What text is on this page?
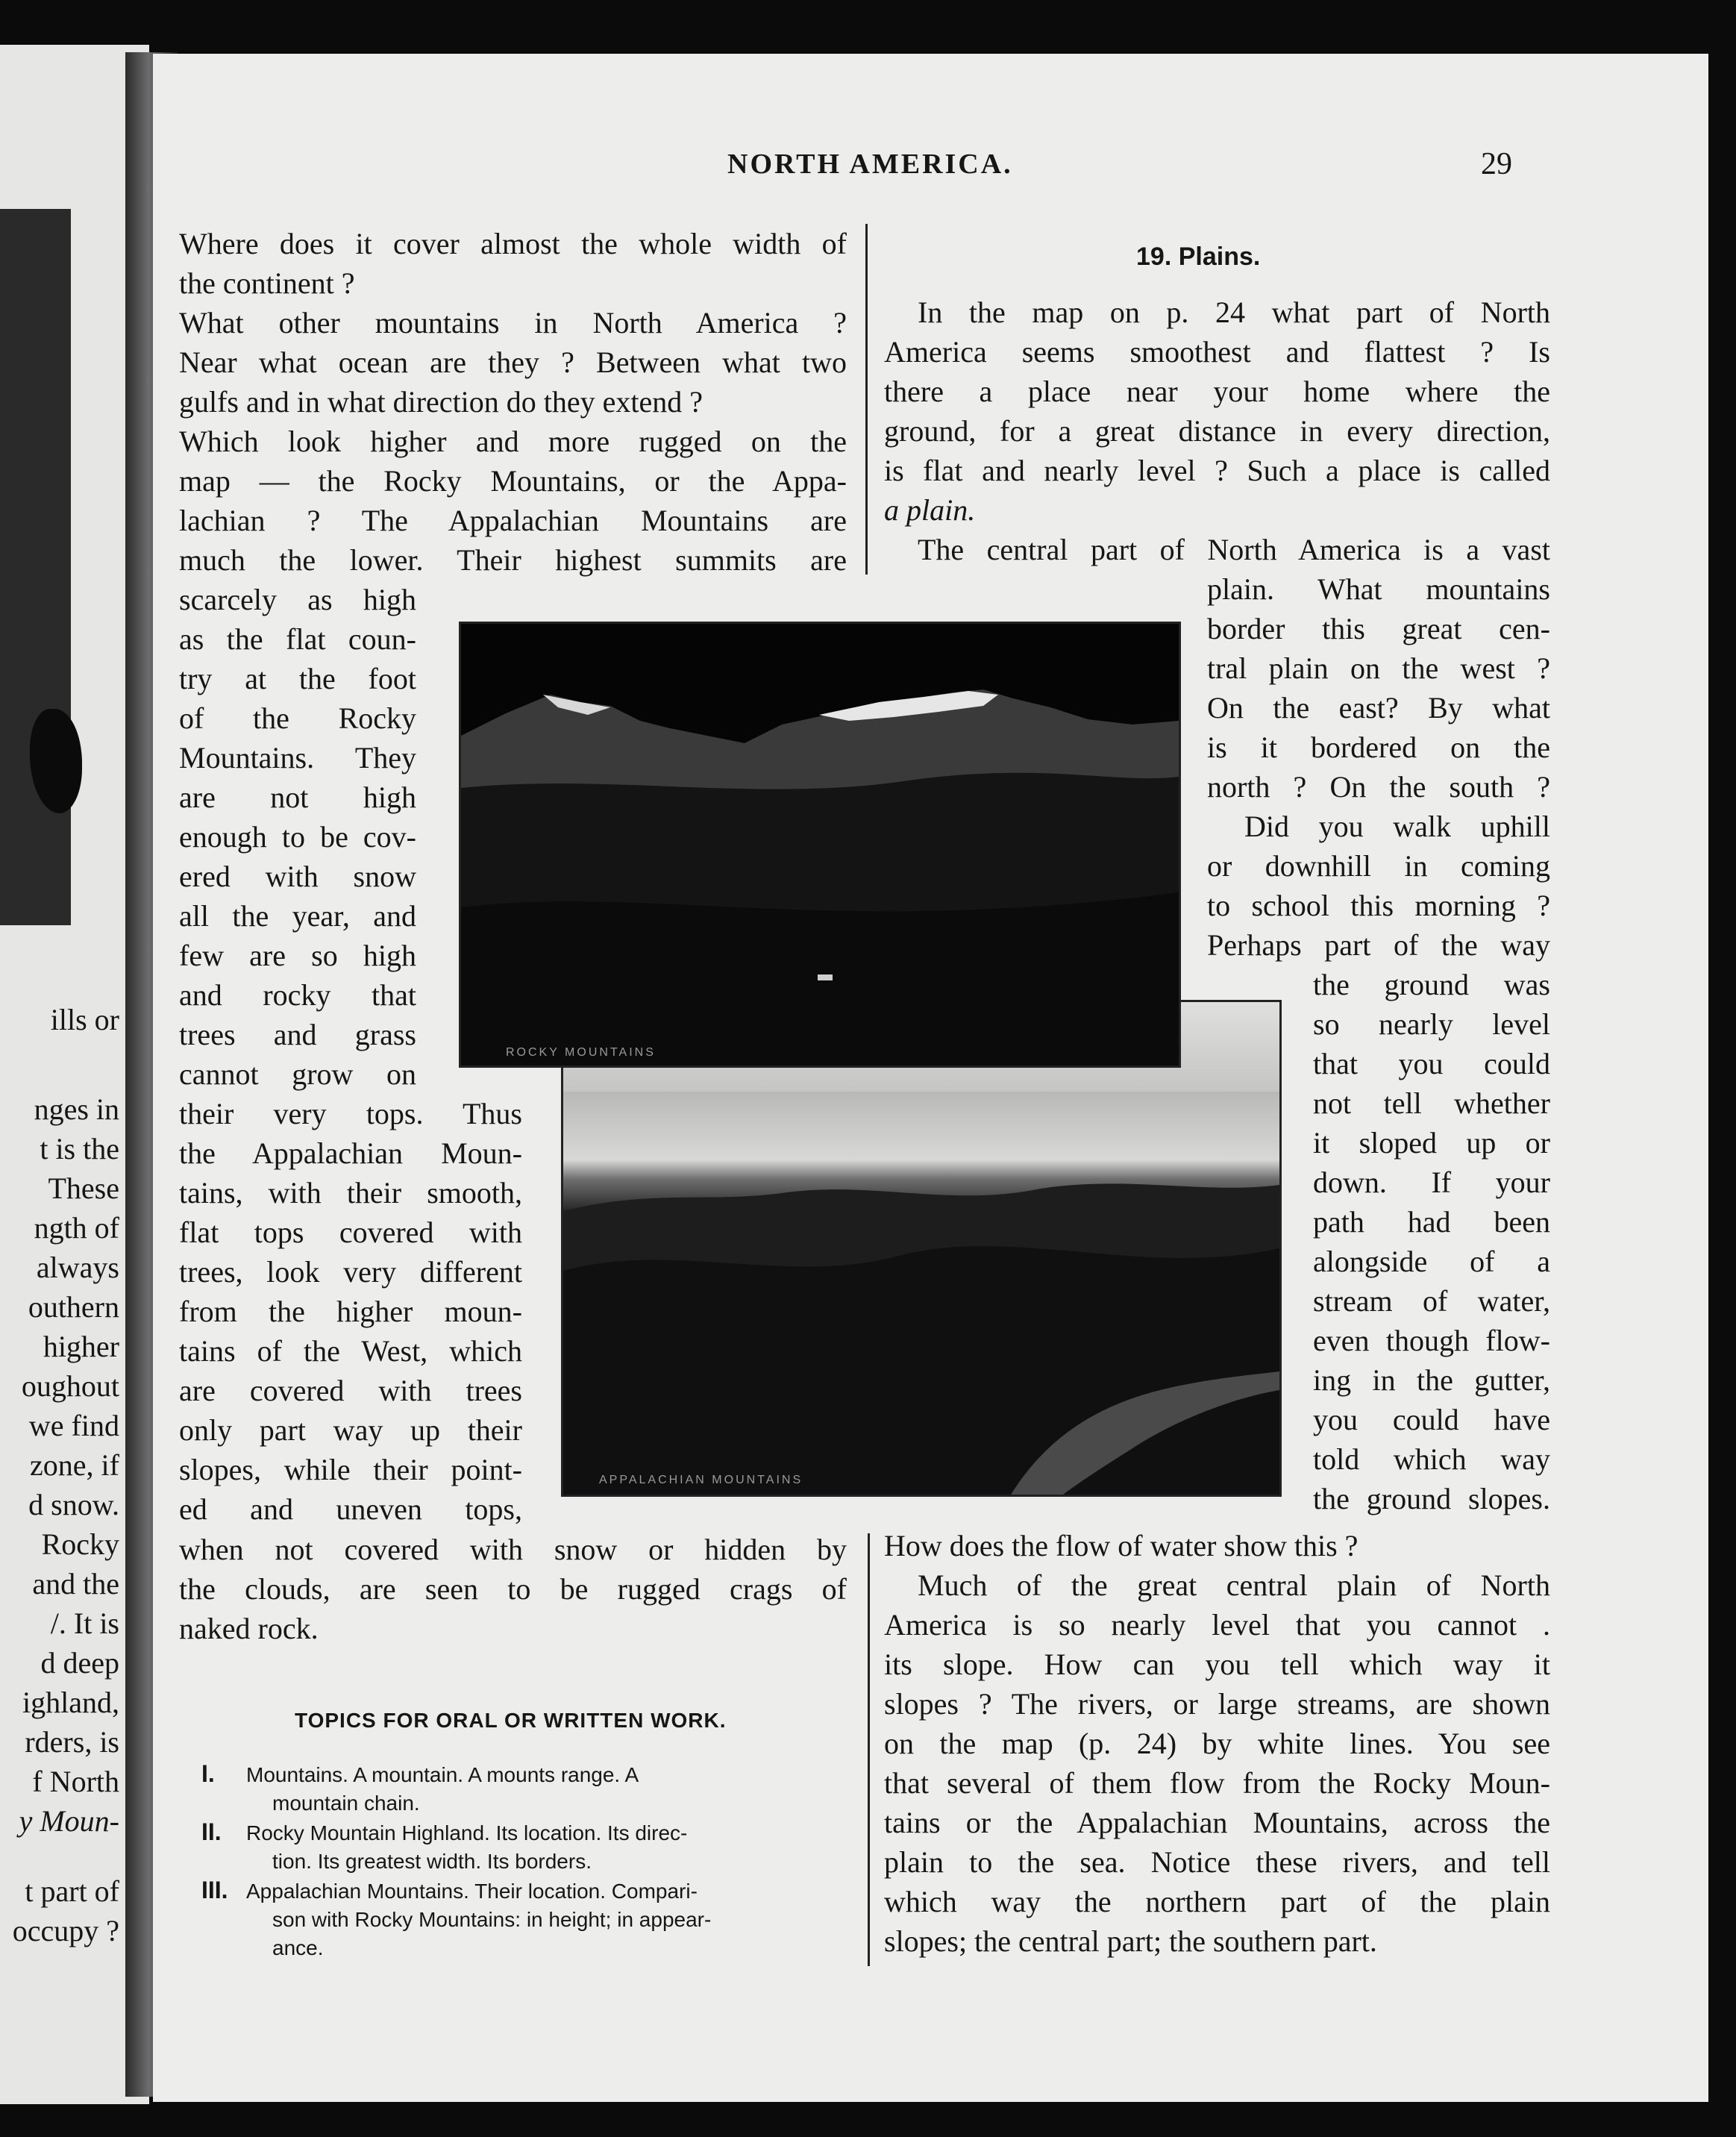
ills or
nges in
t is the
These
ngth of
always
outhern
higher
oughout
we find
zone, if
d snow.
Rocky
and the
/. It is
d deep
ighland,
rders, is
f North
y Moun-
t part of
occupy ?
NORTH AMERICA.	29
Where does it cover almost the whole width of
the continent ?
What other mountains in North America ?
Near what ocean are they ? Between what two
gulfs and in what direction do they extend ?
Which look higher and more rugged on the
map — the Rocky Mountains, or the Appa-
lachian ? The Appalachian Mountains are
much the lower. Their highest summits are
scarcely as high
as the flat coun-
try at the foot
of the Rocky
Mountains. They
are not high
enough to be cov-
ered with snow
all the year, and
few are so high
and rocky that
trees and grass
cannot grow on
their very tops. Thus
the Appalachian Moun-
tains, with their smooth,
flat tops covered with
trees, look very different
from the higher moun-
tains of the West, which
are covered with trees
only part way up their
slopes, while their point-
ed and uneven tops,
when not covered with snow or hidden by
the clouds, are seen to be rugged crags of
naked rock.
19. Plains.
In the map on p. 24 what part of North
America seems smoothest and flattest ? Is
there a place near your home where the
ground, for a great distance in every direction,
is flat and nearly level ? Such a place is called
a plain.
The central part of North America is a vast
plain. What mountains
border this great cen-
tral plain on the west ?
On the east? By what
is it bordered on the
north ? On the south ?
Did you walk uphill
or downhill in coming
to school this morning ?
Perhaps part of the way
the ground was
so nearly level
that you could
not tell whether
it sloped up or
down. If your
path had been
alongside of a
stream of water,
even though flow-
ing in the gutter,
you could have
told which way
the ground slopes.
How does the flow of water show this ?
Much of the great central plain of North
America is so nearly level that you cannot .
its slope. How can you tell which way it
slopes ? The rivers, or large streams, are shown
on the map (p. 24) by white lines. You see
that several of them flow from the Rocky Moun-
tains or the Appalachian Mountains, across the
plain to the sea. Notice these rivers, and tell
which way the northern part of the plain
slopes; the central part; the southern part.
APPALACHIAN MOUNTAINS
ROCKY MOUNTAINS
TOPICS FOR ORAL OR WRITTEN WORK.
I. Mountains. A mountain. A mounts range. A
mountain chain.
II. Rocky Mountain Highland. Its location. Its direc-
tion. Its greatest width. Its borders.
III. Appalachian Mountains. Their location. Compari-
son with Rocky Mountains: in height; in appear-
ance.
